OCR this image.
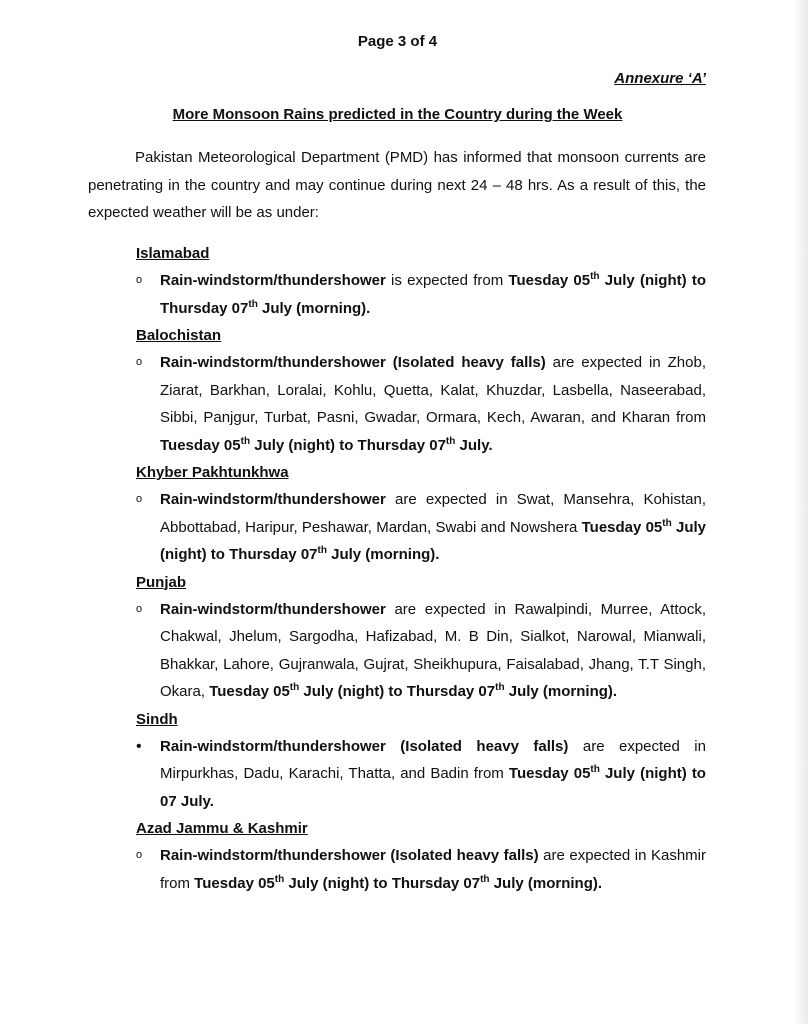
Page 3 of 4
Annexure ‘A’
More Monsoon Rains predicted in the Country during the Week

Pakistan Meteorological Department (PMD) has informed that monsoon currents are penetrating in the country and may continue during next 24 – 48 hrs. As a result of this, the expected weather will be as under:

Islamabad
o	Rain-windstorm/thundershower is expected from Tuesday 05th July (night) to Thursday 07th July (morning).

Balochistan
o	Rain-windstorm/thundershower (Isolated heavy falls) are expected in Zhob, Ziarat, Barkhan, Loralai, Kohlu, Quetta, Kalat, Khuzdar, Lasbella, Naseerabad, Sibbi, Panjgur, Turbat, Pasni, Gwadar, Ormara, Kech, Awaran, and Kharan from Tuesday 05th July (night) to Thursday 07th July.

Khyber Pakhtunkhwa
o	Rain-windstorm/thundershower are expected in Swat, Mansehra, Kohistan, Abbottabad, Haripur, Peshawar, Mardan, Swabi and Nowshera Tuesday 05th July (night) to Thursday 07th July (morning).

Punjab
o	Rain-windstorm/thundershower are expected in Rawalpindi, Murree, Attock, Chakwal, Jhelum, Sargodha, Hafizabad, M. B Din, Sialkot, Narowal, Mianwali, Bhakkar, Lahore, Gujranwala, Gujrat, Sheikhupura, Faisalabad, Jhang, T.T Singh, Okara, Tuesday 05th July (night) to Thursday 07th July (morning).

Sindh
•	Rain-windstorm/thundershower (Isolated heavy falls) are expected in Mirpurkhas, Dadu, Karachi, Thatta, and Badin from Tuesday 05th July (night) to 07 July.

Azad Jammu & Kashmir
o	Rain-windstorm/thundershower (Isolated heavy falls) are expected in Kashmir from Tuesday 05th July (night) to Thursday 07th July (morning).
